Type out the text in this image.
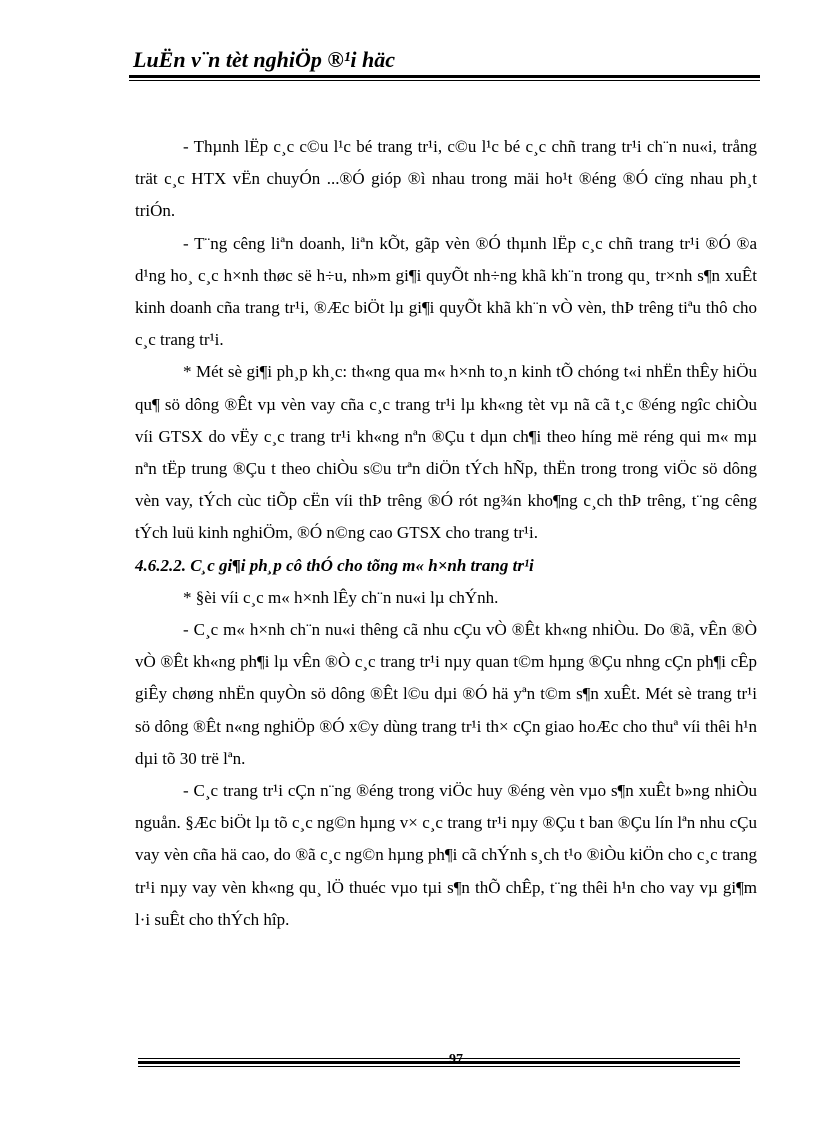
LuËn v¨n tèt nghiÖp ®¹i häc

- Thµnh lËp c¸c c©u l¹c bé trang tr¹i, c©u l¹c bé c¸c chñ trang tr¹i ch¨n nu«i, trång trät c¸c HTX vËn chuyÓn ...®Ó gióp ®ì nhau trong mäi ho¹t ®éng ®Ó cïng nhau ph¸t triÓn.

- T¨ng cêng liªn doanh, liªn kÕt, gãp vèn ®Ó thµnh lËp c¸c chñ trang tr¹i ®Ó ®a d¹ng ho¸ c¸c h×nh thøc së h÷u, nh»m gi¶i quyÕt nh÷ng khã kh¨n trong qu¸ tr×nh s¶n xuÊt kinh doanh cña trang tr¹i, ®Æc biÖt lµ gi¶i quyÕt khã kh¨n vÒ vèn, thÞ trêng tiªu thô cho c¸c trang tr¹i.

* Mét sè gi¶i ph¸p kh¸c: th«ng qua m« h×nh to¸n kinh tÕ chóng t«i nhËn thÊy hiÖu qu¶ sö dông ®Êt vµ vèn vay cña c¸c trang tr¹i lµ kh«ng tèt vµ nã cã t¸c ®éng ngîc chiÒu víi GTSX do vËy c¸c trang tr¹i kh«ng nªn ®Çu t dµn ch¶i theo híng më réng qui m« mµ nªn tËp trung ®Çu t theo chiÒu s©u trªn diÖn tÝch hÑp, thËn trong trong viÖc sö dông vèn vay, tÝch cùc tiÕp cËn víi thÞ trêng ®Ó rót ng¾n kho¶ng c¸ch thÞ trêng, t¨ng cêng tÝch luü kinh nghiÖm, ®Ó n©ng cao GTSX cho trang tr¹i.

4.6.2.2. C¸c gi¶i ph¸p cô thÓ cho tõng m« h×nh trang tr¹i

* §èi víi c¸c m« h×nh lÊy ch¨n nu«i lµ chÝnh.

- C¸c m« h×nh ch¨n nu«i thêng cã nhu cÇu vÒ ®Êt kh«ng nhiÒu. Do ®ã, vÊn ®Ò vÒ ®Êt kh«ng ph¶i lµ vÊn ®Ò c¸c trang tr¹i nµy quan t©m hµng ®Çu nhng cÇn ph¶i cÊp giÊy chøng nhËn quyÒn sö dông ®Êt l©u dµi ®Ó hä yªn t©m s¶n xuÊt. Mét sè trang tr¹i sö dông ®Êt n«ng nghiÖp ®Ó x©y dùng trang tr¹i th× cÇn giao hoÆc cho thuª víi thêi h¹n dµi tõ 30 trë lªn.

- C¸c trang tr¹i cÇn n¨ng ®éng trong viÖc huy ®éng vèn vµo s¶n xuÊt b»ng nhiÒu nguån. §Æc biÖt lµ tõ c¸c ng©n hµng v× c¸c trang tr¹i nµy ®Çu t ban ®Çu lín lªn nhu cÇu vay vèn cña hä cao, do ®ã c¸c ng©n hµng ph¶i cã chÝnh s¸ch t¹o ®iÒu kiÖn cho c¸c trang tr¹i nµy vay vèn kh«ng qu¸ lÖ thuéc vµo tµi s¶n thÕ chÊp, t¨ng thêi h¹n cho vay vµ gi¶m l·i suÊt cho thÝch hîp.

97
